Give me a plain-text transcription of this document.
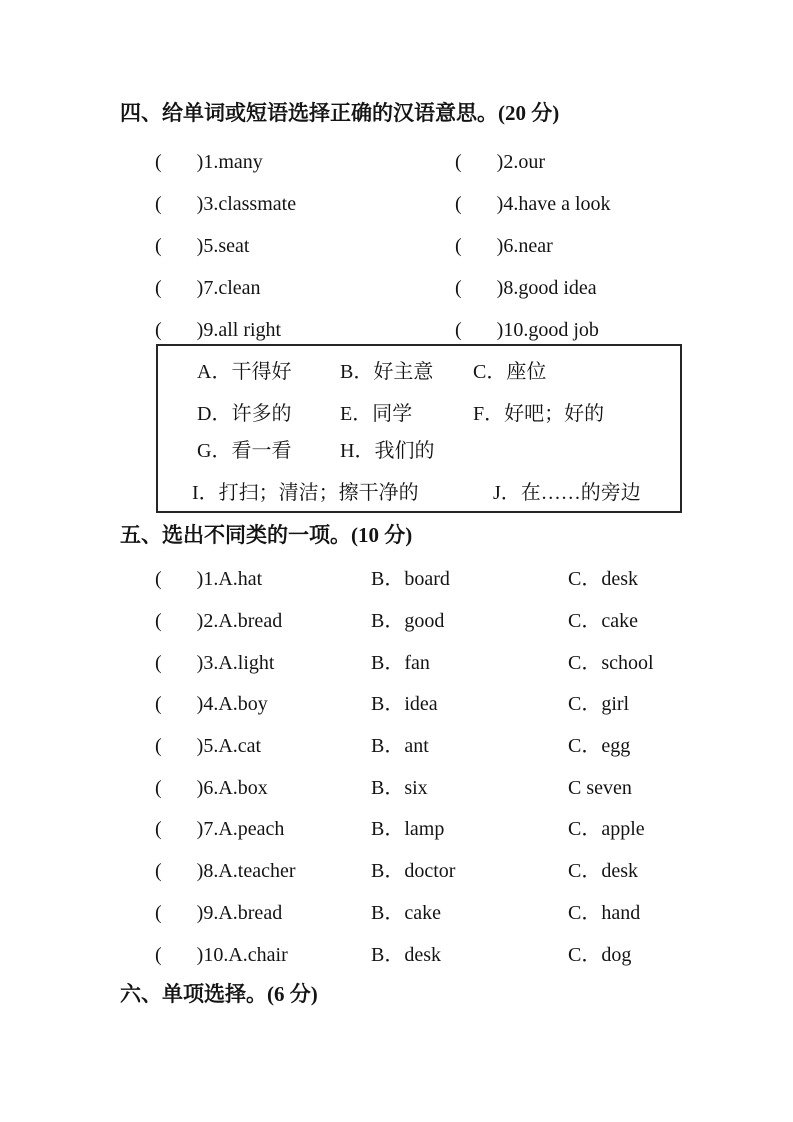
四、给单词或短语选择正确的汉语意思。(20 分)
( )1.many	( )2.our
( )3.classmate	( )4.have a look
( )5.seat	( )6.near
( )7.clean	( )8.good idea
( )9.all right	( )10.good job
A．干得好 B．好主意 C．座位
D．许多的 E．同学	F．好吧；好的
G．看一看 H．我们的
I．打扫；清洁；擦干净的	J．在……的旁边
五、选出不同类的一项。(10 分)
( )1.A.hat	B．board	C．desk
( )2.A.bread	B．good	C．cake
( )3.A.light	B．fan	C．school
( )4.A.boy	B．idea	C．girl
( )5.A.cat	B．ant	C．egg
( )6.A.box	B．six	C seven
( )7.A.peach	B．lamp	C．apple
( )8.A.teacher	B．doctor	C．desk
( )9.A.bread	B．cake	C．hand
( )10.A.chair	B．desk	C．dog
六、单项选择。(6 分)
